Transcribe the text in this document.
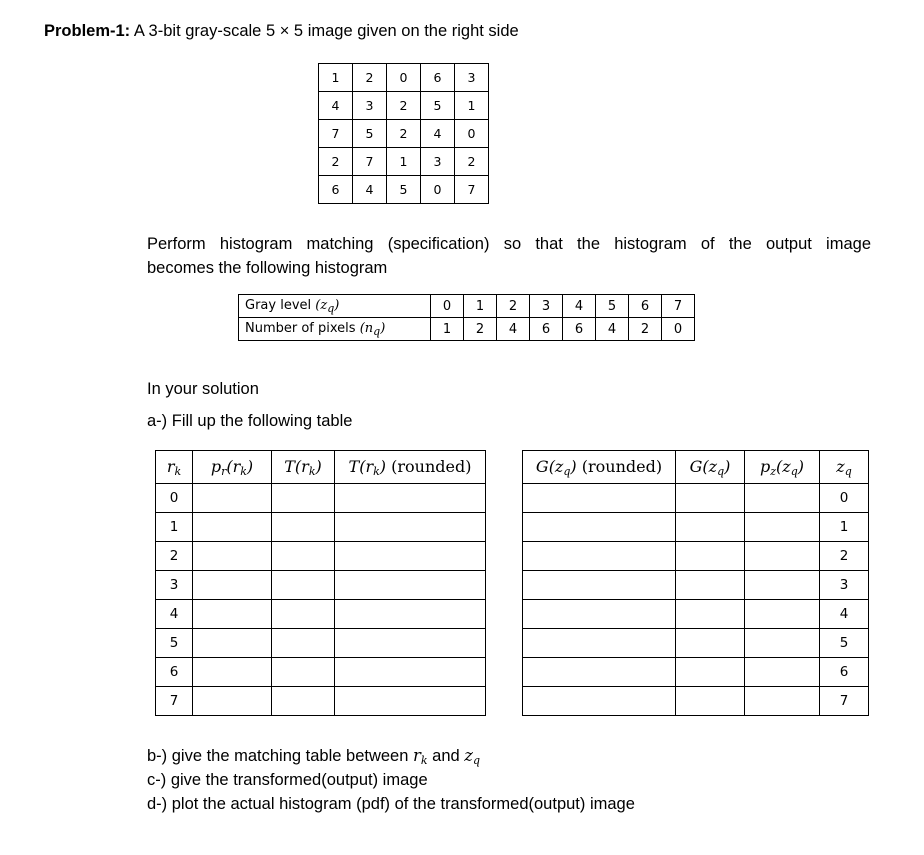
Problem-1: A 3-bit gray-scale 5 × 5 image given on the right side
1	2	0	6	3
4	3	2	5	1
7	5	2	4	0
2	7	1	3	2
6	4	5	0	7
Perform histogram matching (specification) so that the histogram of the output image
becomes the following histogram
Gray level $(z_q)$	0	1	2	3	4	5	6	7
Number of pixels $(n_q)$	1	2	4	6	6	4	2	0
In your solution
a-) Fill up the following table
$r_k$	$p_r(r_k)$	$T(r_k)$	$T(r_k)$ (rounded)
0			
1			
2			
3			
4			
5			
6			
7			
$G(z_q)$ (rounded)	$G(z_q)$	$p_z(z_q)$	$z_q$
			0
			1
			2
			3
			4
			5
			6
			7
b-) give the matching table between $r_k$ and $z_q$
c-) give the transformed(output) image
d-) plot the actual histogram (pdf) of the transformed(output) image
